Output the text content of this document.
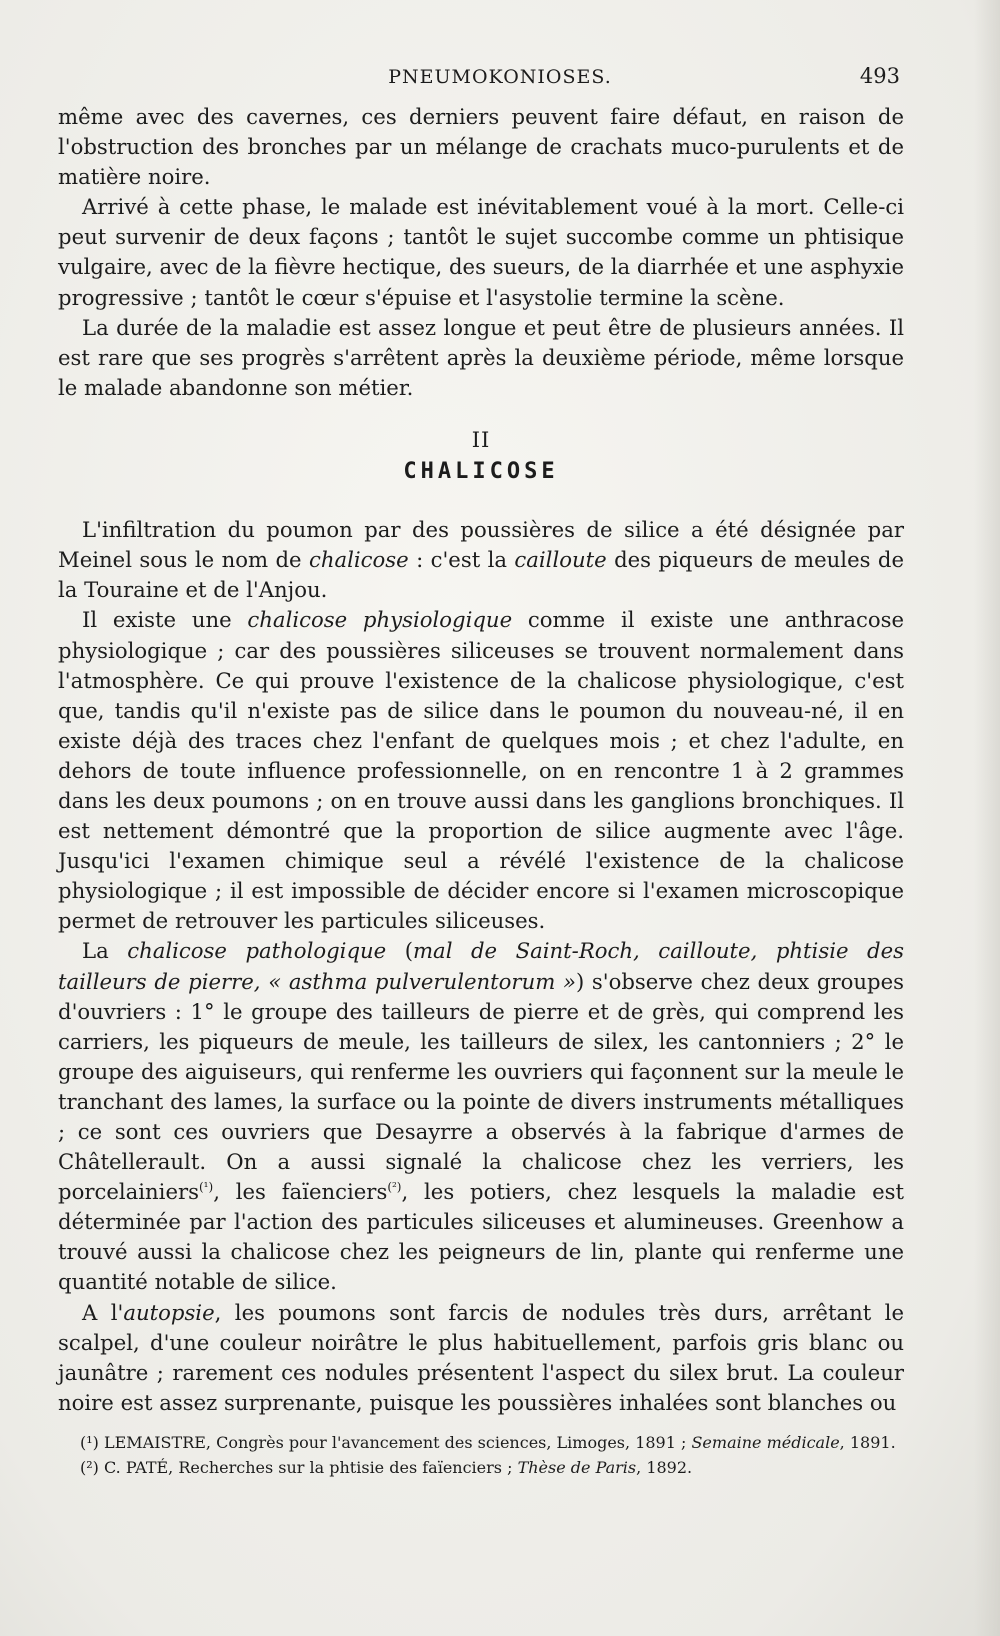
PNEUMOKONIOSES.	493

même avec des cavernes, ces derniers peuvent faire défaut, en raison de l'obstruction des bronches par un mélange de crachats muco-purulents et de matière noire.

Arrivé à cette phase, le malade est inévitablement voué à la mort. Celle-ci peut survenir de deux façons ; tantôt le sujet succombe comme un phtisique vulgaire, avec de la fièvre hectique, des sueurs, de la diarrhée et une asphyxie progressive ; tantôt le cœur s'épuise et l'asystolie termine la scène.

La durée de la maladie est assez longue et peut être de plusieurs années. Il est rare que ses progrès s'arrêtent après la deuxième période, même lorsque le malade abandonne son métier.

II
CHALICOSE

L'infiltration du poumon par des poussières de silice a été désignée par Meinel sous le nom de chalicose : c'est la cailloute des piqueurs de meules de la Touraine et de l'Anjou.

Il existe une chalicose physiologique comme il existe une anthracose physiologique ; car des poussières siliceuses se trouvent normalement dans l'atmosphère. Ce qui prouve l'existence de la chalicose physiologique, c'est que, tandis qu'il n'existe pas de silice dans le poumon du nouveau-né, il en existe déjà des traces chez l'enfant de quelques mois ; et chez l'adulte, en dehors de toute influence professionnelle, on en rencontre 1 à 2 grammes dans les deux poumons ; on en trouve aussi dans les ganglions bronchiques. Il est nettement démontré que la proportion de silice augmente avec l'âge. Jusqu'ici l'examen chimique seul a révélé l'existence de la chalicose physiologique ; il est impossible de décider encore si l'examen microscopique permet de retrouver les particules siliceuses.

La chalicose pathologique (mal de Saint-Roch, cailloute, phtisie des tailleurs de pierre, « asthma pulverulentorum ») s'observe chez deux groupes d'ouvriers : 1° le groupe des tailleurs de pierre et de grès, qui comprend les carriers, les piqueurs de meule, les tailleurs de silex, les cantonniers ; 2° le groupe des aiguiseurs, qui renferme les ouvriers qui façonnent sur la meule le tranchant des lames, la surface ou la pointe de divers instruments métalliques ; ce sont ces ouvriers que Desayrre a observés à la fabrique d'armes de Châtellerault. On a aussi signalé la chalicose chez les verriers, les porcelainiers$^{(^1)}$, les faïenciers$^{(^2)}$, les potiers, chez lesquels la maladie est déterminée par l'action des particules siliceuses et alumineuses. Greenhow a trouvé aussi la chalicose chez les peigneurs de lin, plante qui renferme une quantité notable de silice.

A l'autopsie, les poumons sont farcis de nodules très durs, arrêtant le scalpel, d'une couleur noirâtre le plus habituellement, parfois gris blanc ou jaunâtre ; rarement ces nodules présentent l'aspect du silex brut. La couleur noire est assez surprenante, puisque les poussières inhalées sont blanches ou

(¹) LEMAISTRE, Congrès pour l'avancement des sciences, Limoges, 1891 ; Semaine médicale, 1891.

(²) C. PATÉ, Recherches sur la phtisie des faïenciers ; Thèse de Paris, 1892.
